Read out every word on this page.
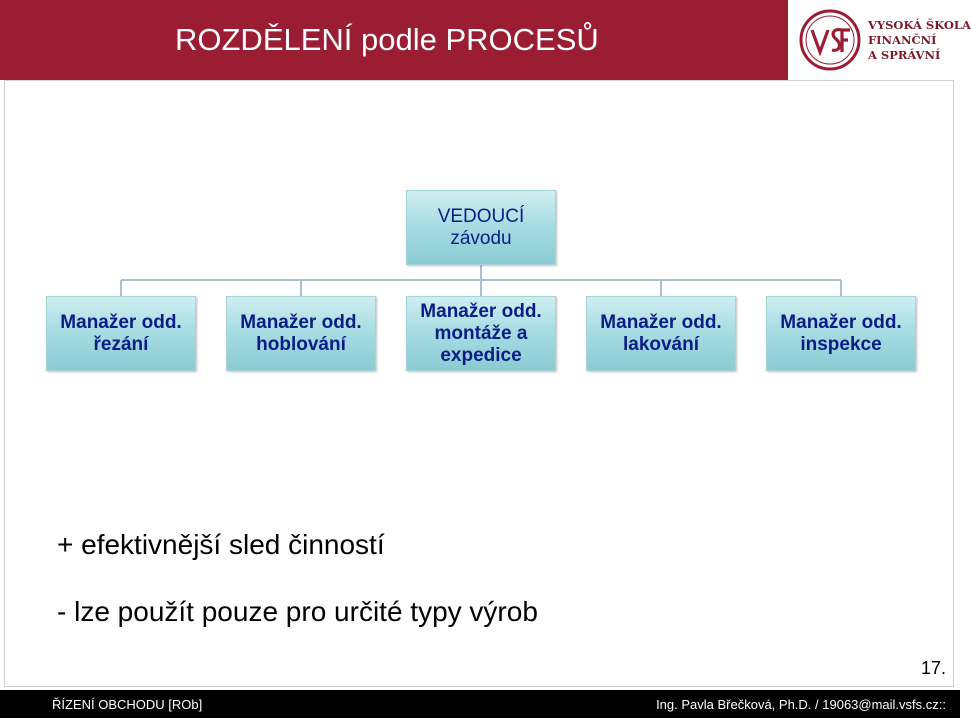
ROZDĚLENÍ podle PROCESŮ	VYSOKÁ ŠKOLA
FINANČNÍ
A SPRÁVNÍ
VEDOUCÍ
závodu
Manažer odd.
řezání
Manažer odd.
hoblování
Manažer odd.
montáže a
expedice
Manažer odd.
lakování
Manažer odd.
inspekce
+ efektivnější sled činností
- lze použít pouze pro určité typy výrob
17.
ŘÍZENÍ OBCHODU [ROb]	Ing. Pavla Břečková, Ph.D. / 19063@mail.vsfs.cz::
